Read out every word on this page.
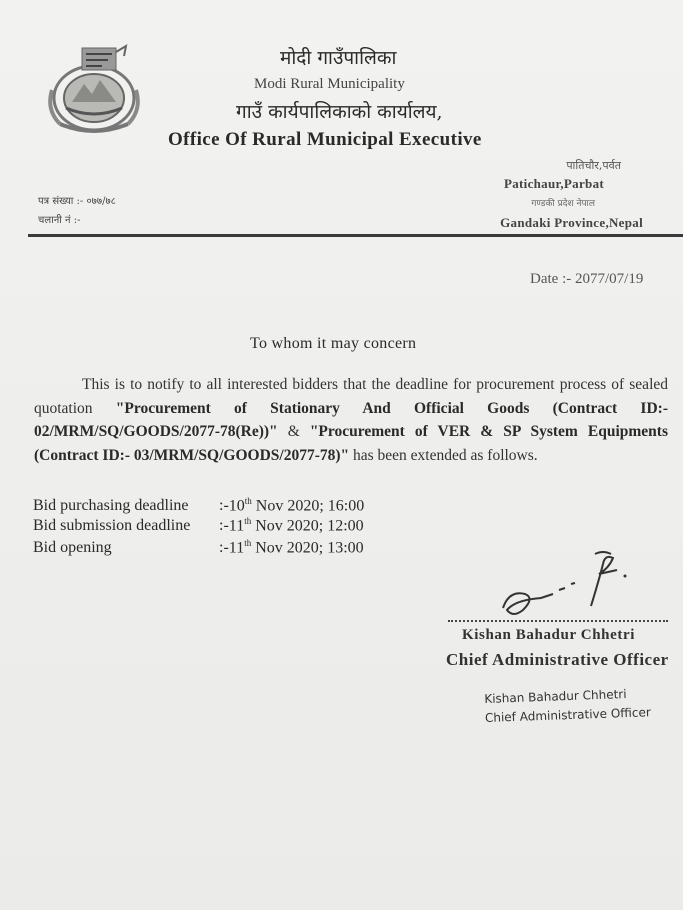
मोदी गाउँपालिका
Modi Rural Municipality
गाउँ कार्यपालिकाको कार्यालय,
Office Of Rural Municipal Executive
पातिचौर,पर्वत
Patichaur,Parbat
गण्डकी प्रदेश नेपाल
Gandaki Province,Nepal
पत्र संख्या :- ०७७/७८
चलानी नं :-
Date :- 2077/07/19
To whom it may concern
This is to notify to all interested bidders that the deadline for procurement process of sealed quotation "Procurement of Stationary And Official Goods (Contract ID:- 02/MRM/SQ/GOODS/2077-78(Re))" & "Procurement of VER & SP System Equipments (Contract ID:- 03/MRM/SQ/GOODS/2077-78)" has been extended as follows.
Bid purchasing deadline :-10th Nov 2020; 16:00
Bid submission deadline :-11th Nov 2020; 12:00
Bid opening	:-11th Nov 2020; 13:00
Kishan Bahadur Chhetri
Chief Administrative Officer
Kishan Bahadur Chhetri
Chief Administrative Officer
